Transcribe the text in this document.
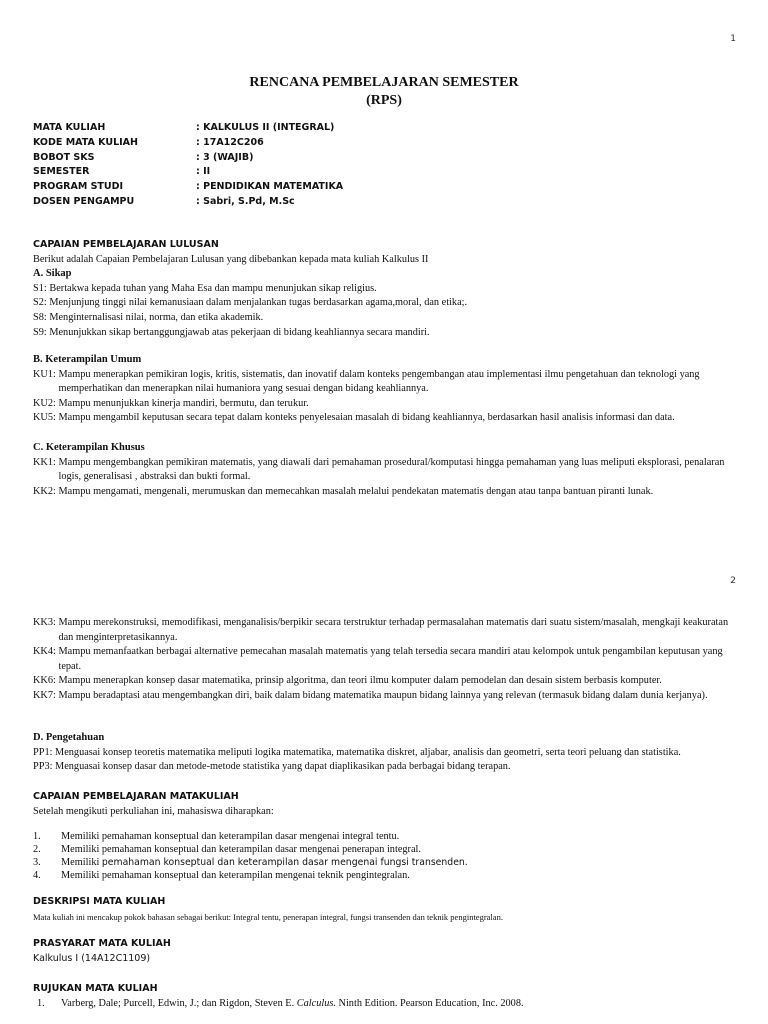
1
RENCANA PEMBELAJARAN SEMESTER
(RPS)
MATA KULIAH	: KALKULUS II (INTEGRAL)
KODE MATA KULIAH	: 17A12C206
BOBOT SKS	: 3 (WAJIB)
SEMESTER	: II
PROGRAM STUDI	: PENDIDIKAN MATEMATIKA
DOSEN PENGAMPU	: Sabri, S.Pd, M.Sc
CAPAIAN PEMBELAJARAN LULUSAN
Berikut adalah Capaian Pembelajaran Lulusan yang dibebankan kepada mata kuliah Kalkulus II
A. Sikap
S1:
Bertakwa kepada tuhan yang Maha Esa dan mampu menunjukan sikap religius.
S2:
Menjunjung tinggi nilai kemanusiaan dalam menjalankan tugas berdasarkan agama,moral, dan etika;.
S8:
Menginternalisasi nilai, norma, dan etika akademik.
S9:
Menunjukkan sikap bertanggungjawab atas pekerjaan di bidang keahliannya secara mandiri.
B. Keterampilan Umum
KU1:
Mampu menerapkan pemikiran logis, kritis, sistematis, dan inovatif dalam konteks pengembangan atau implementasi ilmu pengetahuan dan teknologi yang memperhatikan dan menerapkan nilai humaniora yang sesuai dengan bidang keahliannya.
KU2:
Mampu menunjukkan kinerja mandiri, bermutu, dan terukur.
KU5:
Mampu mengambil keputusan secara tepat dalam konteks penyelesaian masalah di bidang keahliannya, berdasarkan hasil analisis informasi dan data.
C. Keterampilan Khusus
KK1:
Mampu mengembangkan pemikiran matematis, yang diawali dari pemahaman prosedural/komputasi hingga pemahaman yang luas meliputi eksplorasi, penalaran logis, generalisasi , abstraksi dan bukti formal.
KK2:
Mampu mengamati, mengenali, merumuskan dan memecahkan masalah melalui pendekatan matematis dengan atau tanpa bantuan piranti lunak.
2
KK3:
Mampu merekonstruksi, memodifikasi, menganalisis/berpikir secara terstruktur terhadap permasalahan matematis dari suatu sistem/masalah, mengkaji keakuratan dan menginterpretasikannya.
KK4:
Mampu memanfaatkan berbagai alternative pemecahan masalah matematis yang telah tersedia secara mandiri atau kelompok untuk pengambilan keputusan yang tepat.
KK6:
Mampu menerapkan konsep dasar matematika, prinsip algoritma, dan teori ilmu komputer dalam pemodelan dan desain sistem berbasis komputer.
KK7:
Mampu beradaptasi atau mengembangkan diri, baik dalam bidang matematika maupun bidang lainnya yang relevan (termasuk bidang dalam dunia kerjanya).
D. Pengetahuan
PP1:
Menguasai konsep teoretis matematika meliputi logika matematika, matematika diskret, aljabar, analisis dan geometri, serta teori peluang dan statistika.
PP3:
Menguasai konsep dasar dan metode-metode statistika yang dapat diaplikasikan pada berbagai bidang terapan.
CAPAIAN PEMBELAJARAN MATAKULIAH
Setelah mengikuti perkuliahan ini, mahasiswa diharapkan:
1.	Memiliki pemahaman konseptual dan keterampilan dasar mengenai integral tentu.
2.	Memiliki pemahaman konseptual dan keterampilan dasar mengenai penerapan integral.
3.	Memiliki pemahaman konseptual dan keterampilan dasar mengenai fungsi transenden.
4.	Memiliki pemahaman konseptual dan keterampilan mengenai teknik pengintegralan.
DESKRIPSI MATA KULIAH
Mata kuliah ini mencakup pokok bahasan sebagai berikut: Integral tentu, penerapan integral, fungsi transenden dan teknik pengintegralan.
PRASYARAT MATA KULIAH
Kalkulus I (14A12C1109)
RUJUKAN MATA KULIAH
1.	Varberg, Dale; Purcell, Edwin, J.; dan Rigdon, Steven E. Calculus. Ninth Edition. Pearson Education, Inc. 2008.
